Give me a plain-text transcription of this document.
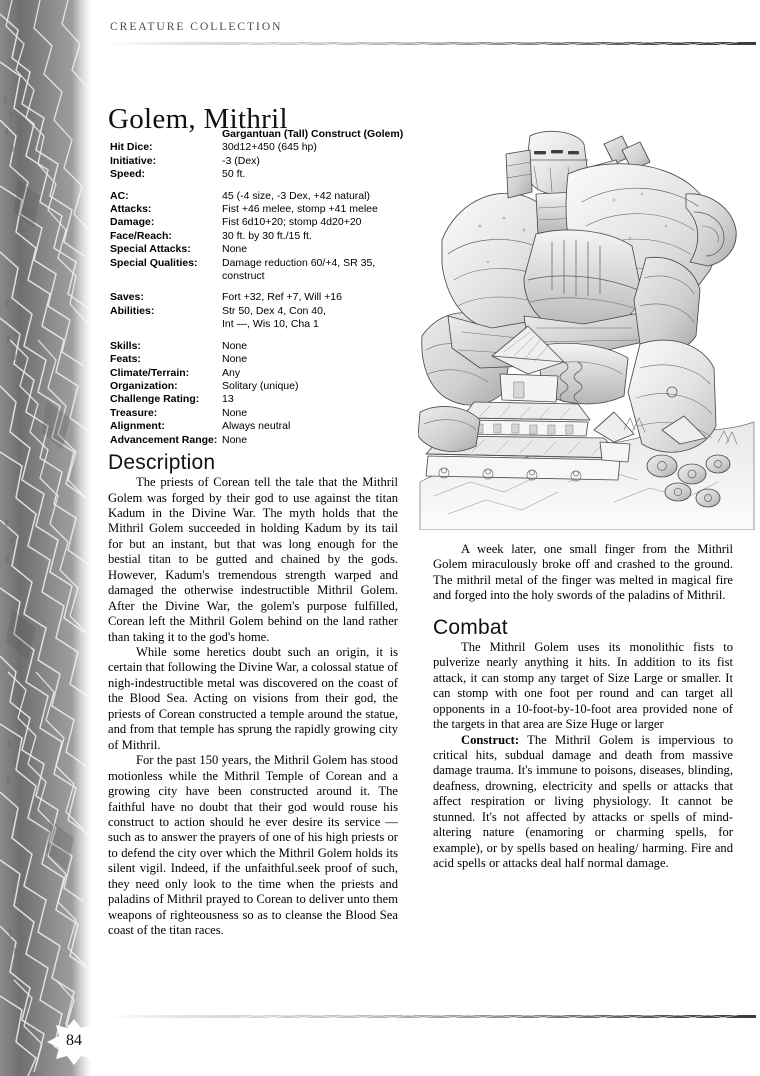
CREATURE COLLECTION
Golem, Mithril
Gargantuan (Tall) Construct (Golem)
Hit Dice:	30d12+450 (645 hp)
Initiative:	-3 (Dex)
Speed:	50 ft.
AC:	45 (-4 size, -3 Dex, +42 natural)
Attacks:	Fist +46 melee, stomp +41 melee
Damage:	Fist 6d10+20; stomp 4d20+20
Face/Reach:	30 ft. by 30 ft./15 ft.
Special Attacks:	None
Special Qualities:	Damage reduction 60/+4, SR 35,
construct
Saves:	Fort +32, Ref +7, Will +16
Abilities:	Str 50, Dex 4, Con 40,
Int —, Wis 10, Cha 1
Skills:	None
Feats:	None
Climate/Terrain:	Any
Organization:	Solitary (unique)
Challenge Rating:	13
Treasure:	None
Alignment:	Always neutral
Advancement Range: None
Description

The priests of Corean tell the tale that the Mithril Golem was forged by their god to use against the titan Kadum in the Divine War. The myth holds that the Mithril Golem succeeded in holding Kadum by its tail for but an instant, but that was long enough for the bestial titan to be gutted and chained by the gods. However, Kadum's tremendous strength warped and damaged the otherwise indestructible Mithril Golem. After the Divine War, the golem's purpose fulfilled, Corean left the Mithril Golem behind on the land rather than taking it to the god's home.

While some heretics doubt such an origin, it is certain that following the Divine War, a colossal statue of nigh-indestructible metal was discovered on the coast of the Blood Sea. Acting on visions from their god, the priests of Corean constructed a temple around the statue, and from that temple has sprung the rapidly growing city of Mithril.

For the past 150 years, the Mithril Golem has stood motionless while the Mithril Temple of Corean and a growing city have been constructed around it. The faithful have no doubt that their god would rouse his construct to action should he ever desire its service — such as to answer the prayers of one of his high priests or to defend the city over which the Mithril Golem holds its silent vigil. Indeed, if the unfaithful.seek proof of such, they need only look to the time when the priests and paladins of Mithril prayed to Corean to deliver unto them weapons of righteousness so as to cleanse the Blood Sea coast of the titan races.

A week later, one small finger from the Mithril Golem miraculously broke off and crashed to the ground. The mithril metal of the finger was melted in magical fire and forged into the holy swords of the paladins of Mithril.

Combat

The Mithril Golem uses its monolithic fists to pulverize nearly anything it hits. In addition to its fist attack, it can stomp any target of Size Large or smaller. It can stomp with one foot per round and can target all opponents in a 10-foot-by-10-foot area provided none of the targets in that area are Size Huge or larger

Construct: The Mithril Golem is impervious to critical hits, subdual damage and death from massive damage trauma. It's immune to poisons, diseases, blinding, deafness, drowning, electricity and spells or attacks that affect respiration or living physiology. It cannot be stunned. It's not affected by attacks or spells of mind-altering nature (enamoring or charming spells, for example), or by spells based on healing/ harming. Fire and acid spells or attacks deal half normal damage.

84
